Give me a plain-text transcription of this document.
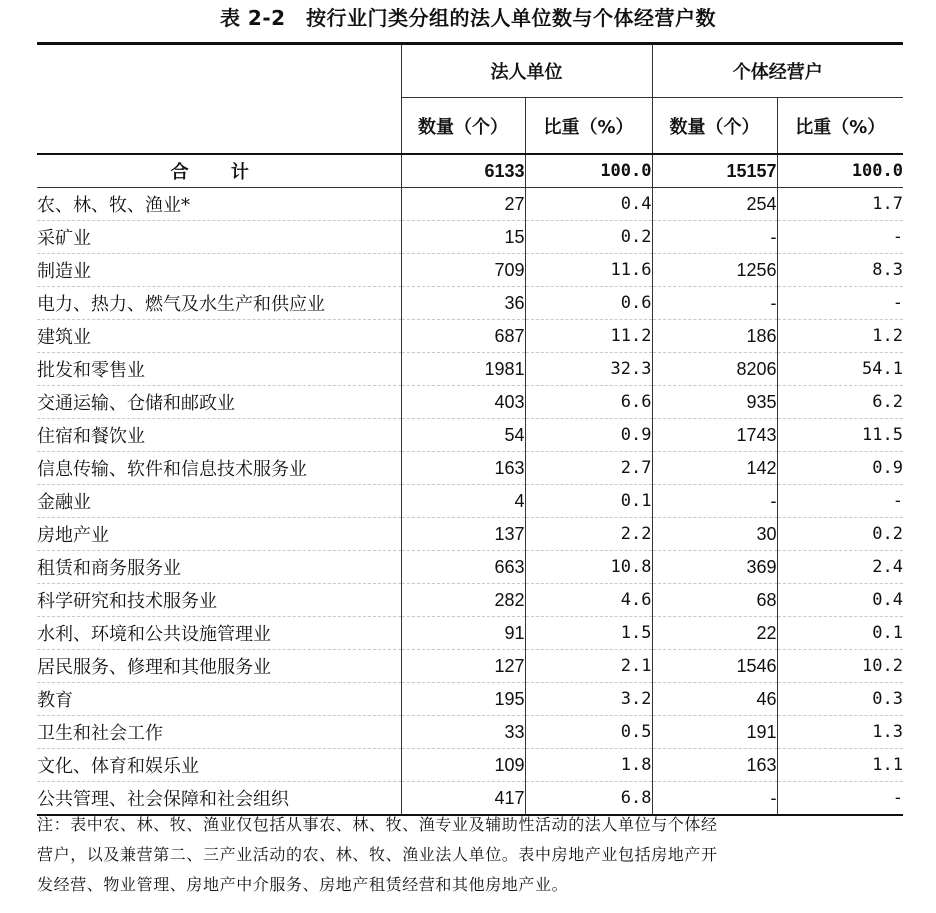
表 2-2　按行业门类分组的法人单位数与个体经营户数

	法人单位		个体经营户	
	数量（个）	比重（%）	数量（个）	比重（%）
合 计	6133	100.0	15157	100.0
农、林、牧、渔业*	27	0.4	254	1.7
采矿业	15	0.2	-	-
制造业	709	11.6	1256	8.3
电力、热力、燃气及水生产和供应业	36	0.6	-	-
建筑业	687	11.2	186	1.2
批发和零售业	1981	32.3	8206	54.1
交通运输、仓储和邮政业	403	6.6	935	6.2
住宿和餐饮业	54	0.9	1743	11.5
信息传输、软件和信息技术服务业	163	2.7	142	0.9
金融业	4	0.1	-	-
房地产业	137	2.2	30	0.2
租赁和商务服务业	663	10.8	369	2.4
科学研究和技术服务业	282	4.6	68	0.4
水利、环境和公共设施管理业	91	1.5	22	0.1
居民服务、修理和其他服务业	127	2.1	1546	10.2
教育	195	3.2	46	0.3
卫生和社会工作	33	0.5	191	1.3
文化、体育和娱乐业	109	1.8	163	1.1
公共管理、社会保障和社会组织	417	6.8	-	-
注：表中农、林、牧、渔业仅包括从事农、林、牧、渔专业及辅助性活动的法人单位与个体经
营户，以及兼营第二、三产业活动的农、林、牧、渔业法人单位。表中房地产业包括房地产开
发经营、物业管理、房地产中介服务、房地产租赁经营和其他房地产业。
